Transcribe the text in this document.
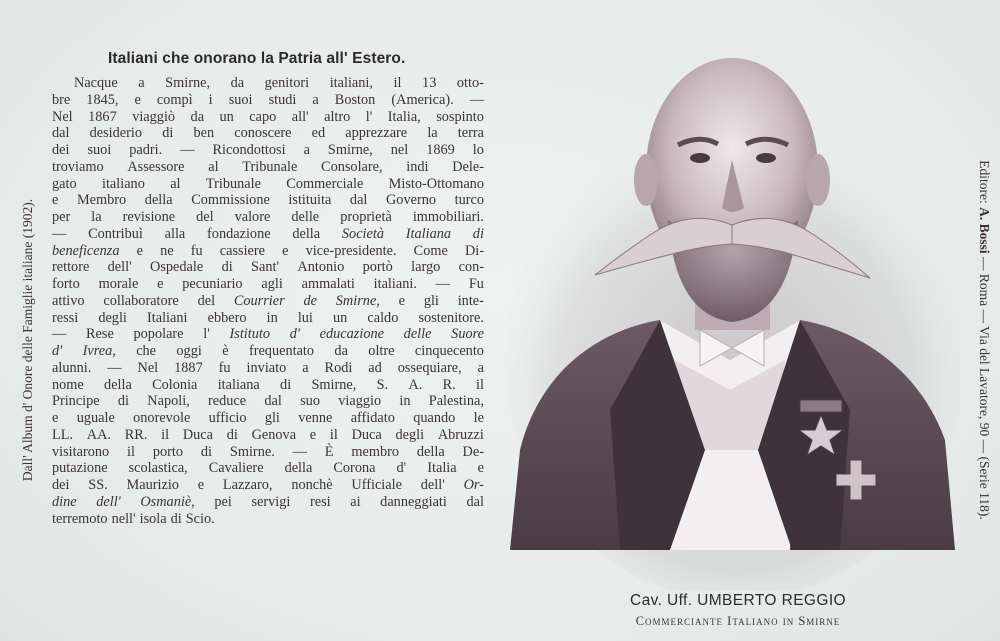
Italiani che onorano la Patria all' Estero.
Nacque a Smirne, da genitori italiani, il 13 otto-
bre 1845, e compì i suoi studi a Boston (America). —
Nel 1867 viaggiò da un capo all' altro l' Italia, sospinto
dal desiderio di ben conoscere ed apprezzare la terra
dei suoi padri. — Ricondottosi a Smirne, nel 1869 lo
troviamo Assessore al Tribunale Consolare, indi Dele-
gato italiano al Tribunale Commerciale Misto-Ottomano
e Membro della Commissione istituita dal Governo turco
per la revisione del valore delle proprietà immobiliari.
— Contribuì alla fondazione della Società Italiana di
beneficenza e ne fu cassiere e vice-presidente. Come Di-
rettore dell' Ospedale di Sant' Antonio portò largo con-
forto morale e pecuniario agli ammalati italiani. — Fu
attivo collaboratore del Courrier de Smirne, e gli inte-
ressi degli Italiani ebbero in lui un caldo sostenitore.
— Rese popolare l' Istituto d' educazione delle Suore
d' Ivrea, che oggi è frequentato da oltre cinquecento
alunni. — Nel 1887 fu inviato a Rodi ad ossequiare, a
nome della Colonia italiana di Smirne, S. A. R. il
Principe di Napoli, reduce dal suo viaggio in Palestina,
e uguale onorevole ufficio gli venne affidato quando le
LL. AA. RR. il Duca di Genova e il Duca degli Abruzzi
visitarono il porto di Smirne. — È membro della De-
putazione scolastica, Cavaliere della Corona d' Italia e
dei SS. Maurizio e Lazzaro, nonchè Ufficiale dell' Or-
dine dell' Osmaniè, pei servigi resi ai danneggiati dal
terremoto nell' isola di Scio.
Dall' Album d' Onore delle Famiglie italiane (1902).
Editore: A. Bossi — Roma — Via del Lavatore, 90 — (Serie 118).
Cav. Uff. UMBERTO REGGIO
Commerciante Italiano in Smirne
